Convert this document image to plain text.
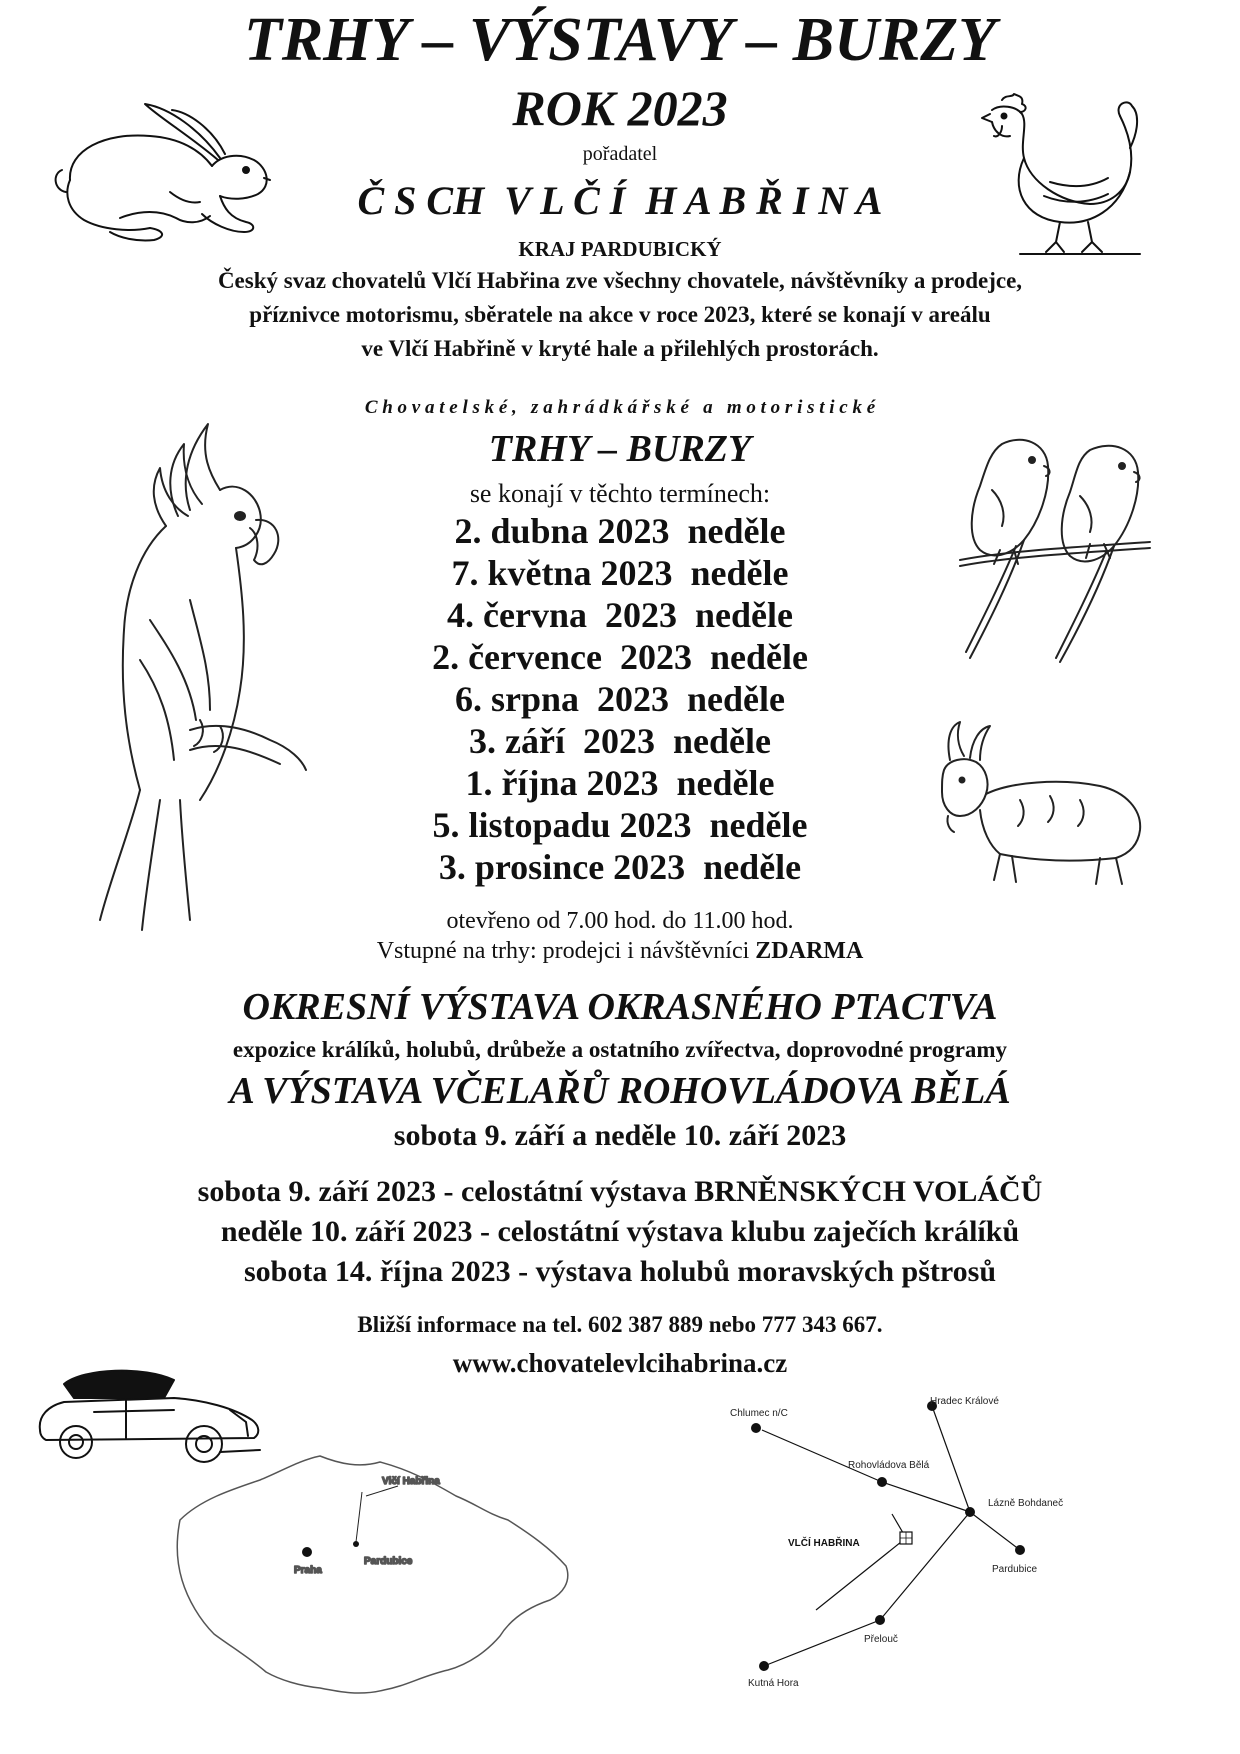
TRHY – VÝSTAVY – BURZY
ROK 2023
pořadatel
Č S CH  V L Č Í  H A B Ř I N A
KRAJ PARDUBICKÝ
Český svaz chovatelů Vlčí Habřina zve všechny chovatele, návštěvníky a prodejce,
příznivce motorismu, sběratele na akce v roce 2023, které se konají v areálu
ve Vlčí Habřině v kryté hale a přilehlých prostorách.
C h o v a t e l s k é ,   z a h r á d k á ř s k é   a   m o t o r i s t i c k é
TRHY – BURZY
se konají v těchto termínech:
2. dubna 2023  neděle
7. května 2023  neděle
4. června  2023  neděle
2. července  2023  neděle
6. srpna  2023  neděle
3. září  2023  neděle
1. října 2023  neděle
5. listopadu 2023  neděle
3. prosince 2023  neděle
otevřeno od 7.00 hod. do 11.00 hod.
Vstupné na trhy: prodejci i návštěvníci ZDARMA
OKRESNÍ VÝSTAVA OKRASNÉHO PTACTVA
expozice králíků, holubů, drůbeže a ostatního zvířectva, doprovodné programy
A VÝSTAVA VČELAŘŮ ROHOVLÁDOVA BĚLÁ
sobota 9. září a neděle 10. září 2023
sobota 9. září 2023 - celostátní výstava BRNĚNSKÝCH VOLÁČŮ
neděle 10. září 2023 - celostátní výstava klubu zaječích králíků
sobota 14. října 2023 - výstava holubů moravských pštrosů
Bližší informace na tel. 602 387 889 nebo 777 343 667.
www.chovatelevlcihabrina.cz
Vlčí Habřina
Praha
Pardubice
Chlumec n/C
Hradec Králové
Rohovládova Bělá
Lázně Bohdaneč
VLČÍ HABŘINA
Pardubice
Přelouč
Kutná Hora
